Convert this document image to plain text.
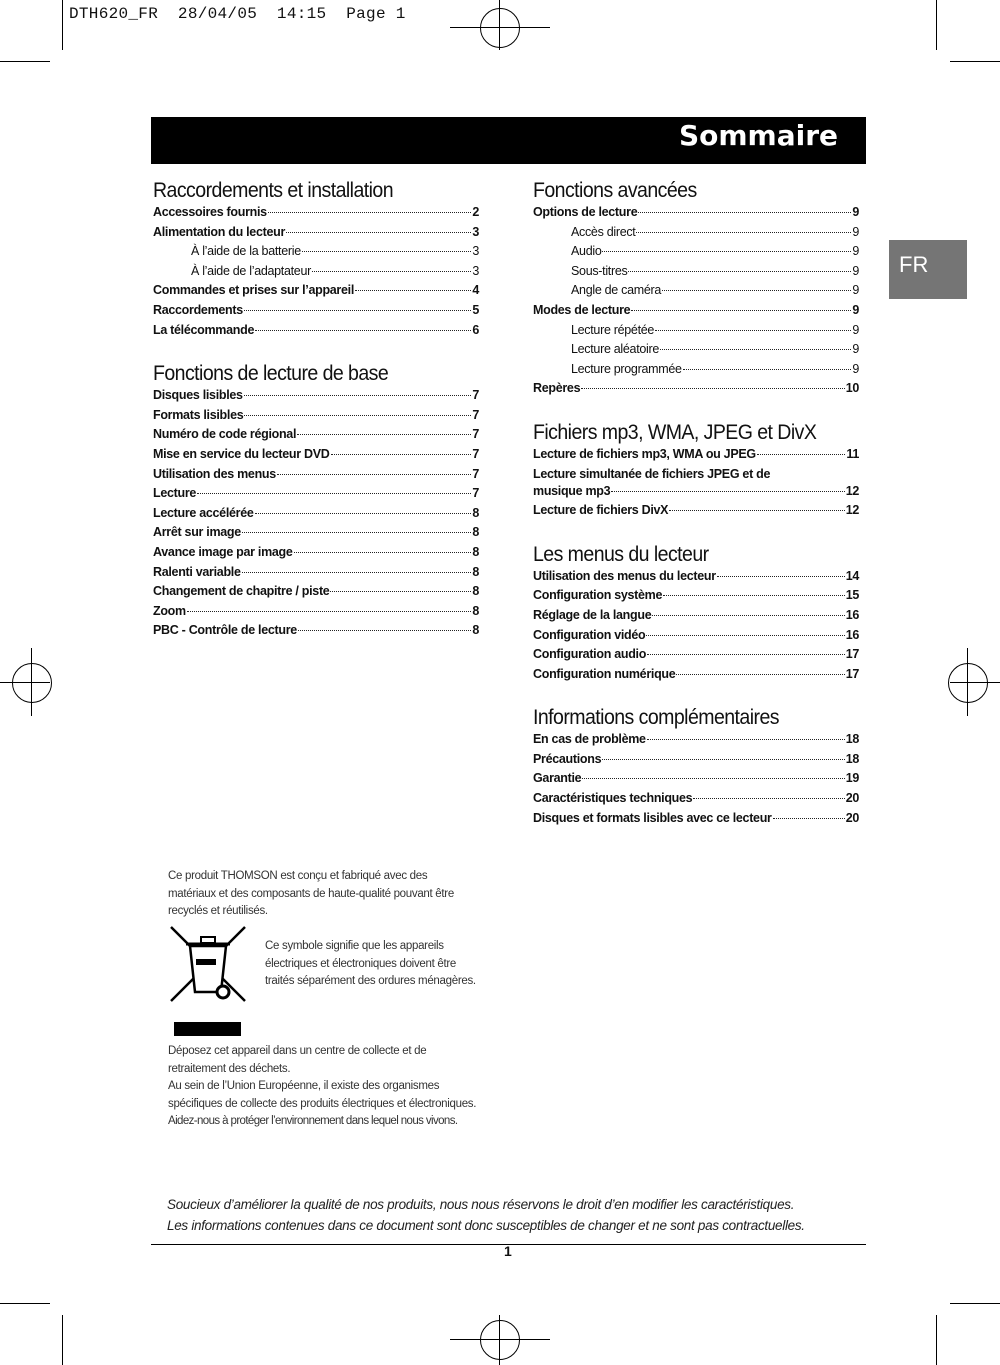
DTH620_FR  28/04/05  14:15  Page 1
Sommaire
FR
Raccordements et installation
Accessoires fournis	2
Alimentation du lecteur	3
À l’aide de la batterie	3
À l’aide de l’adaptateur	3
Commandes et prises sur l’appareil	4
Raccordements	5
La télécommande	6
Fonctions de lecture de base
Disques lisibles	7
Formats lisibles	7
Numéro de code régional	7
Mise en service du lecteur DVD	7
Utilisation des menus	7
Lecture	7
Lecture accélérée	8
Arrêt sur image	8
Avance image par image	8
Ralenti variable	8
Changement de chapitre / piste	8
Zoom	8
PBC - Contrôle de lecture	8
Fonctions avancées
Options de lecture	9
Accès direct	9
Audio	9
Sous-titres	9
Angle de caméra	9
Modes de lecture	9
Lecture répétée	9
Lecture aléatoire	9
Lecture programmée	9
Repères	10
Fichiers mp3, WMA, JPEG et DivX
Lecture de fichiers mp3, WMA ou JPEG	11
Lecture simultanée de fichiers JPEG et de
musique mp3	12
Lecture de fichiers DivX	12
Les menus du lecteur
Utilisation des menus du lecteur	14
Configuration système	15
Réglage de la langue	16
Configuration vidéo	16
Configuration audio	17
Configuration numérique	17
Informations complémentaires
En cas de problème	18
Précautions	18
Garantie	19
Caractéristiques techniques	20
Disques et formats lisibles avec ce lecteur	20

Ce produit THOMSON est conçu et fabriqué avec des matériaux et des composants de haute-qualité pouvant être recyclés et réutilisés.

Ce symbole signifie que les appareils électriques et électroniques doivent être traités séparément des ordures ménagères.

Déposez cet appareil dans un centre de collecte et de retraitement des déchets.
Au sein de l’Union Européenne, il existe des organismes spécifiques de collecte des produits électriques et électroniques.
Aidez-nous à protéger l’environnement dans lequel nous vivons.
Soucieux d’améliorer la qualité de nos produits, nous nous réservons le droit d’en modifier les caractéristiques.
Les informations contenues dans ce document sont donc susceptibles de changer et ne sont pas contractuelles.
1
